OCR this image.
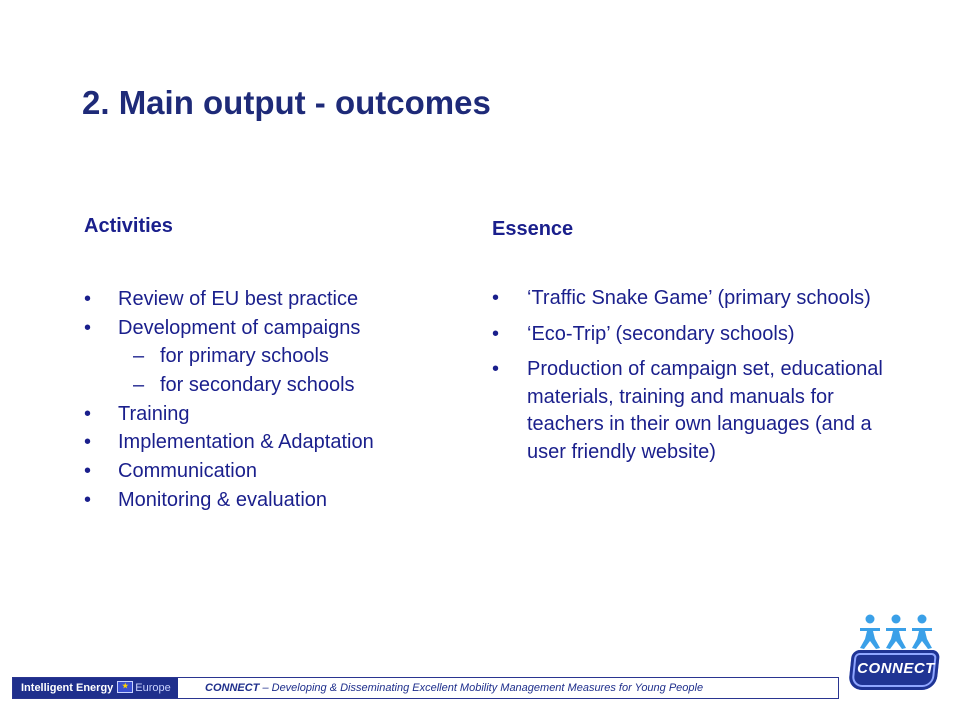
2. Main output - outcomes
Activities
• Review of EU best practice
• Development of campaigns
– for primary schools
– for secondary schools
• Training
• Implementation & Adaptation
• Communication
• Monitoring & evaluation
Essence
• ‘Traffic Snake Game’ (primary schools)
• ‘Eco-Trip’ (secondary schools)
• Production of campaign set, educational materials, training and manuals for teachers in their own languages (and a user friendly website)
Intelligent Energy ★ Europe	CONNECT – Developing & Disseminating Excellent Mobility Management Measures for Young People
CONNECT
